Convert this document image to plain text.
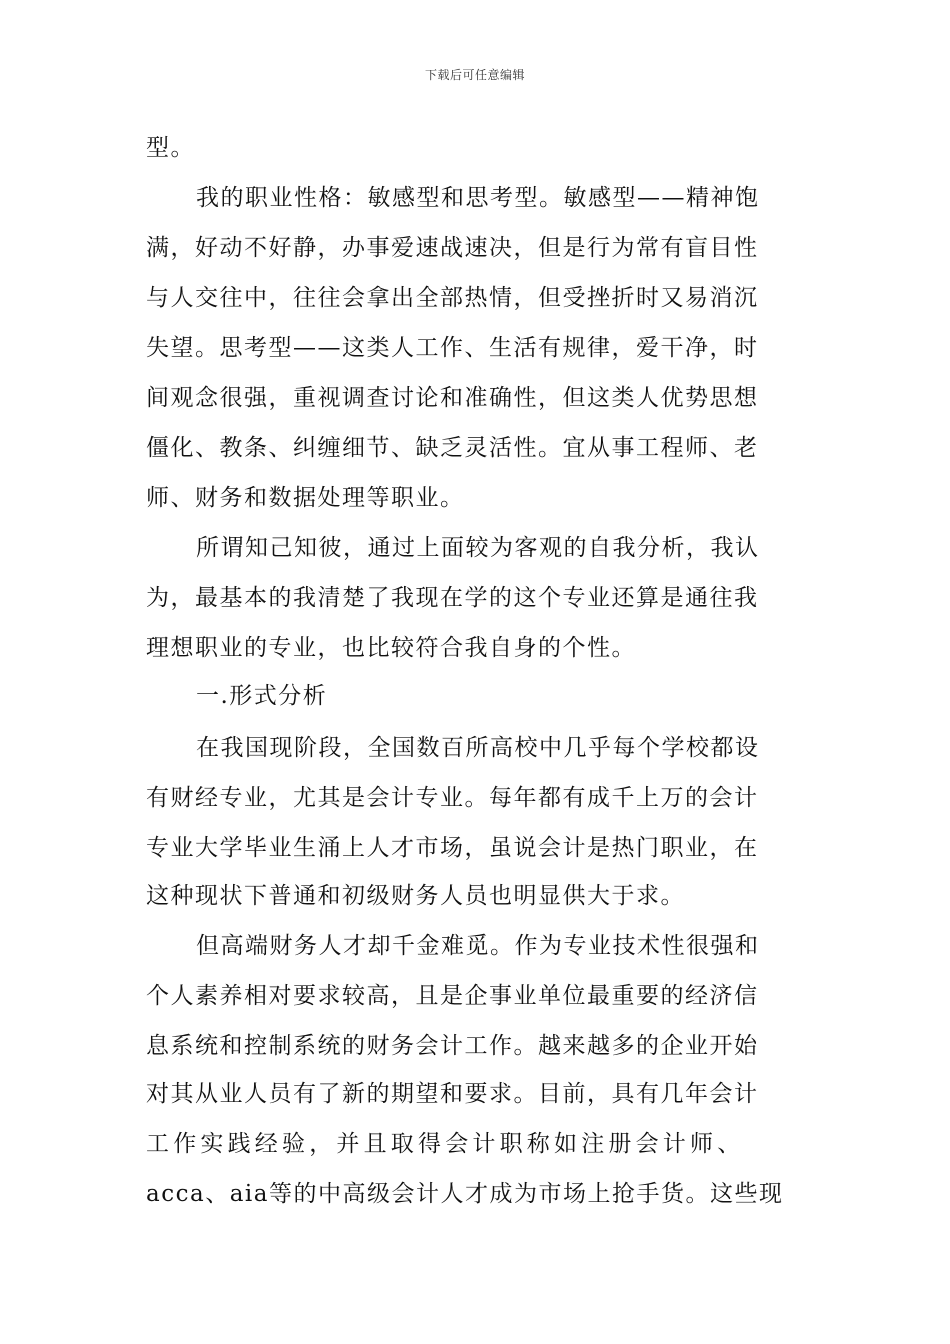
下载后可任意编辑
型。
我的职业性格：敏感型和思考型。敏感型——精神饱
满，好动不好静，办事爱速战速决，但是行为常有盲目性
与人交往中，往往会拿出全部热情，但受挫折时又易消沉
失望。思考型——这类人工作、生活有规律，爱干净，时
间观念很强，重视调查讨论和准确性，但这类人优势思想
僵化、教条、纠缠细节、缺乏灵活性。宜从事工程师、老
师、财务和数据处理等职业。
所谓知己知彼，通过上面较为客观的自我分析，我认
为，最基本的我清楚了我现在学的这个专业还算是通往我
理想职业的专业，也比较符合我自身的个性。
一.形式分析
在我国现阶段，全国数百所高校中几乎每个学校都设
有财经专业，尤其是会计专业。每年都有成千上万的会计
专业大学毕业生涌上人才市场，虽说会计是热门职业，在
这种现状下普通和初级财务人员也明显供大于求。
但高端财务人才却千金难觅。作为专业技术性很强和
个人素养相对要求较高，且是企事业单位最重要的经济信
息系统和控制系统的财务会计工作。越来越多的企业开始
对其从业人员有了新的期望和要求。目前，具有几年会计
工作实践经验，并且取得会计职称如注册会计师、
acca、aia等的中高级会计人才成为市场上抢手货。这些现
